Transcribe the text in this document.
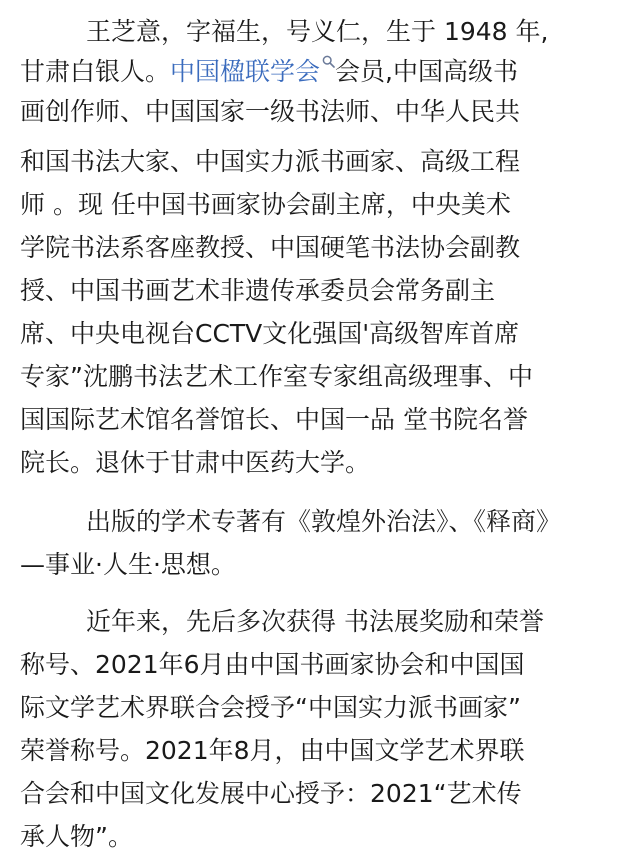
王芝意，字福生，号义仁，生于 1948 年,
甘肃白银人。中国楹联学会 会员,中国高级书
画创作师、中国国家一级书法师、中华人民共
和国书法大家、中国实力派书画家、高级工程
师 。现 任中国书画家协会副主席，中央美术
学院书法系客座教授、中国硬笔书法协会副教
授、中国书画艺术非遗传承委员会常务副主
席、中央电视台CCTV文化强国'高级智库首席
专家”沈鹏书法艺术工作室专家组高级理事、中
国国际艺术馆名誉馆长、中国一品 堂书院名誉
院长。退休于甘肃中医药大学。
出版的学术专著有《敦煌外治法》、《释商》
—事业·人生·思想。
近年来，先后多次获得 书法展奖励和荣誉
称号、2021年6月由中国书画家协会和中国国
际文学艺术界联合会授予“中国实力派书画家”
荣誉称号。2021年8月，由中国文学艺术界联
合会和中国文化发展中心授予：2021“艺术传
承人物”。
